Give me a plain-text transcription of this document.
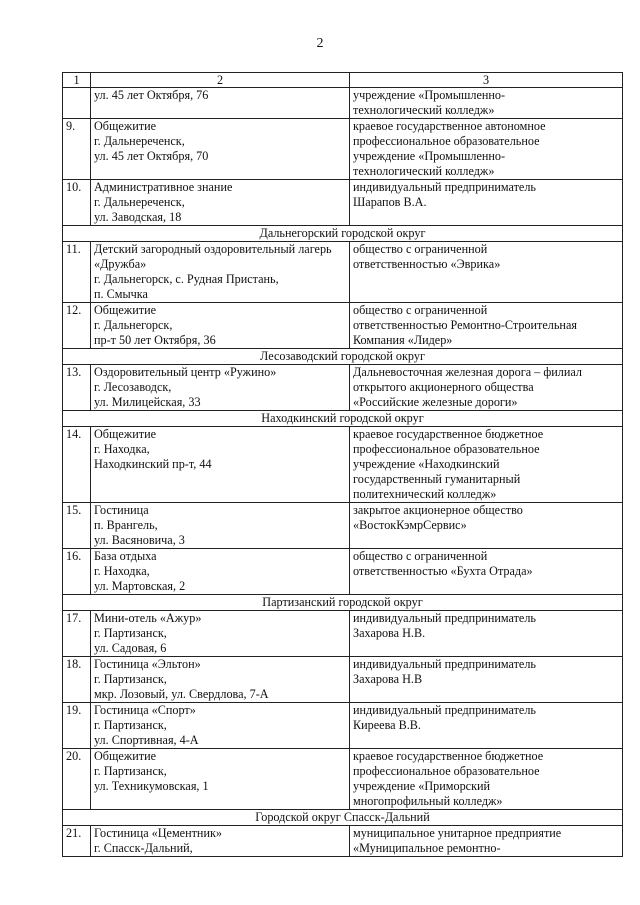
2
1	2	3

	ул. 45 лет Октября, 76	учреждение «Промышленно-
технологический колледж»

9.	Общежитие
г. Дальнереченск,
ул. 45 лет Октября, 70	краевое государственное автономное
профессиональное образовательное
учреждение «Промышленно-
технологический колледж»

10.	Административное знание
г. Дальнереченск,
ул. Заводская, 18	индивидуальный предприниматель
Шарапов В.А.

Дальнегорский городской округ		
11.	Детский загородный оздоровительный лагерь
«Дружба»
г. Дальнегорск, с. Рудная Пристань,
п. Смычка	общество с ограниченной
ответственностью «Эврика»

12.	Общежитие
г. Дальнегорск,
пр-т 50 лет Октября, 36	общество с ограниченной
ответственностью Ремонтно-Строительная
Компания «Лидер»

Лесозаводский городской округ		
13.	Оздоровительный центр «Ружино»
г. Лесозаводск,
ул. Милицейская, 33	Дальневосточная железная дорога – филиал
открытого акционерного общества
«Российские железные дороги»

Находкинский городской округ		
14.	Общежитие
г. Находка,
Находкинский пр-т, 44	краевое государственное бюджетное
профессиональное образовательное
учреждение «Находкинский
государственный гуманитарный
политехнический колледж»

15.	Гостиница
п. Врангель,
ул. Васяновича, 3	закрытое акционерное общество
«ВостокКэмрСервис»

16.	База отдыха
г. Находка,
ул. Мартовская, 2	общество с ограниченной
ответственностью «Бухта Отрада»

Партизанский городской округ		
17.	Мини-отель «Ажур»
г. Партизанск,
ул. Садовая, 6	индивидуальный предприниматель
Захарова Н.В.

18.	Гостиница «Эльтон»
г. Партизанск,
мкр. Лозовый, ул. Свердлова, 7-А	индивидуальный предприниматель
Захарова Н.В

19.	Гостиница «Спорт»
г. Партизанск,
ул. Спортивная, 4-А	индивидуальный предприниматель
Киреева В.В.

20.	Общежитие
г. Партизанск,
ул. Техникумовская, 1	краевое государственное бюджетное
профессиональное образовательное
учреждение «Приморский
многопрофильный колледж»

Городской округ Спасск-Дальний		
21.	Гостиница «Цементник»
г. Спасск-Дальний,	муниципальное унитарное предприятие
«Муниципальное ремонтно-
